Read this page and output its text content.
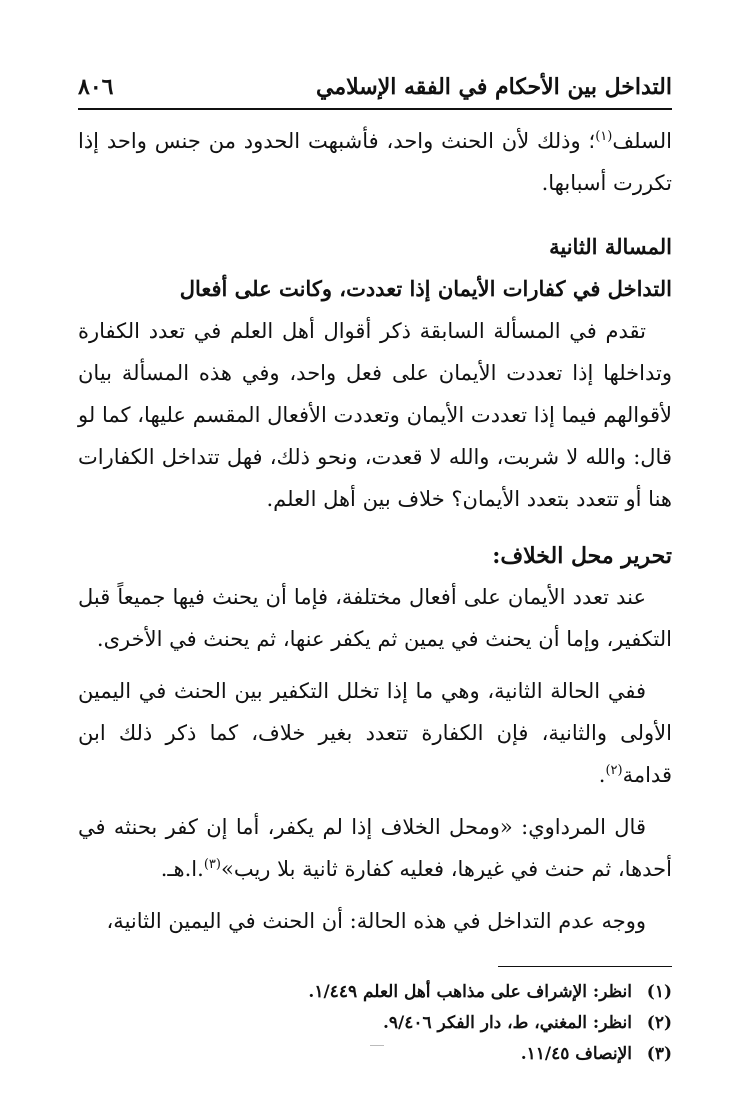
التداخل بين الأحكام في الفقه الإسلامي
٨٠٦

السلف$^{(١)}$؛ وذلك لأن الحنث واحد، فأشبهت الحدود من جنس واحد إذا تكررت أسبابها.

المسالة الثانية
التداخل في كفارات الأيمان إذا تعددت، وكانت على أفعال

تقدم في المسألة السابقة ذكر أقوال أهل العلم في تعدد الكفارة وتداخلها إذا تعددت الأيمان على فعل واحد، وفي هذه المسألة بيان لأقوالهم فيما إذا تعددت الأيمان وتعددت الأفعال المقسم عليها، كما لو قال: والله لا شربت، والله لا قعدت، ونحو ذلك، فهل تتداخل الكفارات هنا أو تتعدد بتعدد الأيمان؟ خلاف بين أهل العلم.

تحرير محل الخلاف:

عند تعدد الأيمان على أفعال مختلفة، فإما أن يحنث فيها جميعاً قبل التكفير، وإما أن يحنث في يمين ثم يكفر عنها، ثم يحنث في الأخرى.

ففي الحالة الثانية، وهي ما إذا تخلل التكفير بين الحنث في اليمين الأولى والثانية، فإن الكفارة تتعدد بغير خلاف، كما ذكر ذلك ابن قدامة$^{(٢)}$.

قال المرداوي: «ومحل الخلاف إذا لم يكفر، أما إن كفر بحنثه في أحدها، ثم حنث في غيرها، فعليه كفارة ثانية بلا ريب»$^{(٣)}$.ا.هـ.

ووجه عدم التداخل في هذه الحالة: أن الحنث في اليمين الثانية،

(١)
انظر: الإشراف على مذاهب أهل العلم ١/٤٤٩.
(٢)
انظر: المغني، ط، دار الفكر ٩/٤٠٦.
(٣)
الإنصاف ١١/٤٥.
